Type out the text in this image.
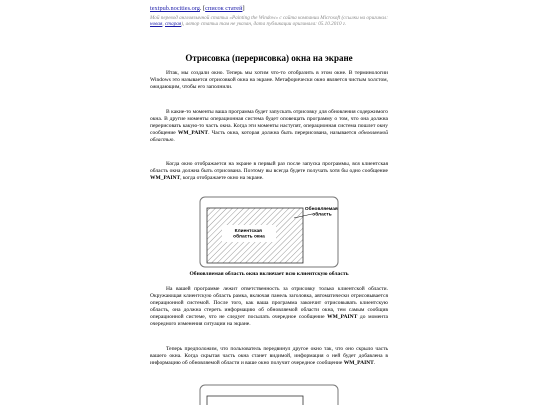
textpub.nocities.org. [список статей]
Мой перевод англоязычной статьи «Painting the Window» с сайта компании Microsoft (ссылки на оригинал: новая, старая), автор статьи там не указан, дата публикации оригинала: 05.10.2010 г.
Отрисовка (перерисовка) окна на экране

Итак, мы создали окно. Теперь мы хотим что-то отобразить в этом окне. В терминологии Windows это называется отрисовкой окна на экране. Метафорически окно является чистым холстом, ожидающим, чтобы его заполнили.

В какие-то моменты ваша программа будет запускать отрисовку для обновления содержимого окна. В другие моменты операционная система будет оповещать программу о том, что она должна перерисовать какую-то часть окна. Когда эти моменты наступят, операционная система пошлет окну сообщение WM_PAINT. Часть окна, которая должна быть перерисована, называется обновляемой областью.

Когда окно отображается на экране в первый раз после запуска программы, вся клиентская область окна должна быть отрисована. Поэтому вы всегда будете получать хотя бы одно сообщение WM_PAINT, когда отображаете окно на экране.

Обновляемая область
Клиентская область окна
Обновляемая область окна включает всю клиентскую область

На вашей программе лежит ответственность за отрисовку только клиентской области. Окружающая клиентскую область рамка, включая панель заголовка, автоматически отрисовывается операционной системой. После того, как ваша программа закончит отрисовывать клиентскую область, она должна стереть информацию об обновляемой области окна, тем самым сообщив операционной системе, что не следует посылать очередное сообщение WM_PAINT до момента очередного изменения ситуации на экране.

Теперь предположим, что пользователь передвинул другое окно так, что оно скрыло часть вашего окна. Когда скрытая часть окна станет видимой, информация о ней будет добавлена в информацию об обновляемой области и ваше окно получит очередное сообщение WM_PAINT.
